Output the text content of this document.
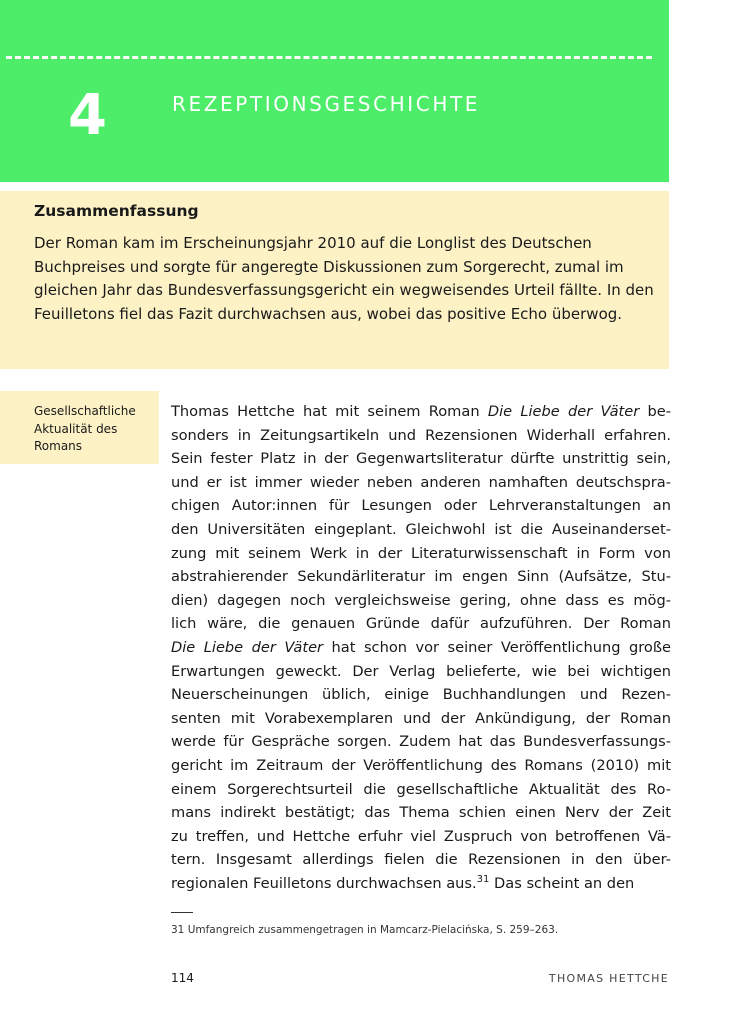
4	REZEPTIONSGESCHICHTE
Zusammenfassung

Der Roman kam im Erscheinungsjahr 2010 auf die Longlist des Deutschen Buchpreises und sorgte für angeregte Diskussionen zum Sorgerecht, zumal im gleichen Jahr das Bundesverfassungsgericht ein wegweisendes Urteil fällte. In den Feuilletons fiel das Fazit durchwachsen aus, wobei das positive Echo überwog.

Gesellschaftliche
Aktualität des
Romans

Thomas Hettche hat mit seinem Roman Die Liebe der Väter be-
sonders in Zeitungsartikeln und Rezensionen Widerhall erfahren.
Sein fester Platz in der Gegenwartsliteratur dürfte unstrittig sein,
und er ist immer wieder neben anderen namhaften deutschspra-
chigen Autor:innen für Lesungen oder Lehrveranstaltungen an
den Universitäten eingeplant. Gleichwohl ist die Auseinanderset-
zung mit seinem Werk in der Literaturwissenschaft in Form von
abstrahierender Sekundärliteratur im engen Sinn (Aufsätze, Stu-
dien) dagegen noch vergleichsweise gering, ohne dass es mög-
lich wäre, die genauen Gründe dafür aufzuführen. Der Roman
Die Liebe der Väter hat schon vor seiner Veröffentlichung große
Erwartungen geweckt. Der Verlag belieferte, wie bei wichtigen
Neuerscheinungen üblich, einige Buchhandlungen und Rezen-
senten mit Vorabexemplaren und der Ankündigung, der Roman
werde für Gespräche sorgen. Zudem hat das Bundesverfassungs-
gericht im Zeitraum der Veröffentlichung des Romans (2010) mit
einem Sorgerechtsurteil die gesellschaftliche Aktualität des Ro-
mans indirekt bestätigt; das Thema schien einen Nerv der Zeit
zu treffen, und Hettche erfuhr viel Zuspruch von betroffenen Vä-
tern. Insgesamt allerdings fielen die Rezensionen in den über-
regionalen Feuilletons durchwachsen aus.$^{31}$ Das scheint an den
31 Umfangreich zusammengetragen in Mamcarz-Pielacińska, S. 259–263.
114	THOMAS HETTCHE
